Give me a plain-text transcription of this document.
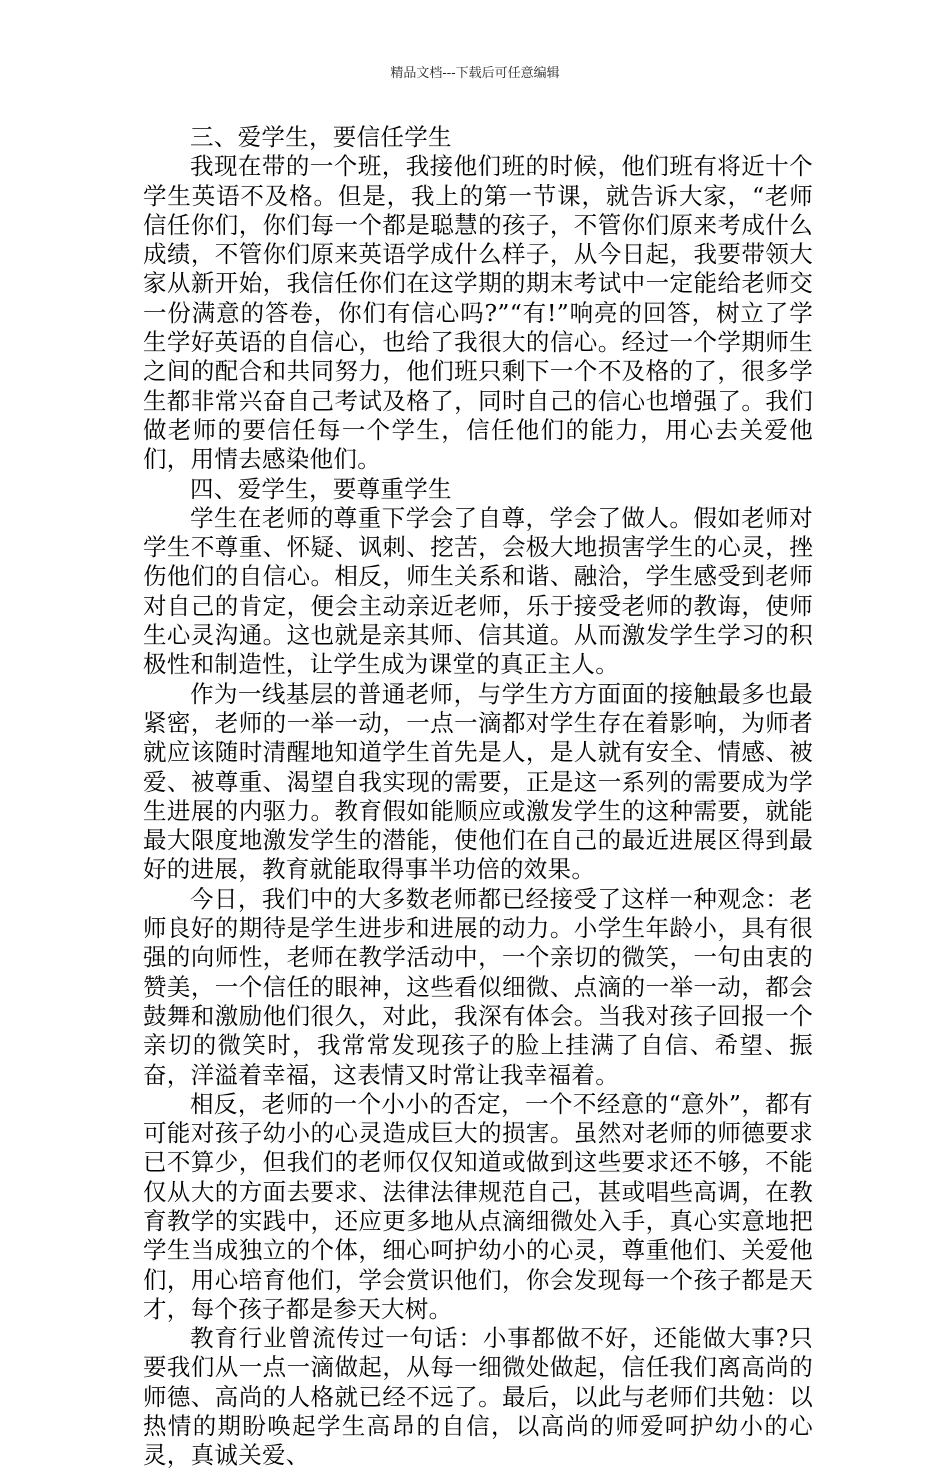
精品文档---下载后可任意编辑

三、爱学生，要信任学生

我现在带的一个班，我接他们班的时候，他们班有将近十个学生英语不及格。但是，我上的第一节课，就告诉大家，“老师信任你们，你们每一个都是聪慧的孩子，不管你们原来考成什么成绩，不管你们原来英语学成什么样子，从今日起，我要带领大家从新开始，我信任你们在这学期的期末考试中一定能给老师交一份满意的答卷，你们有信心吗?”“有!”响亮的回答，树立了学生学好英语的自信心，也给了我很大的信心。经过一个学期师生之间的配合和共同努力，他们班只剩下一个不及格的了，很多学生都非常兴奋自己考试及格了，同时自己的信心也增强了。我们做老师的要信任每一个学生，信任他们的能力，用心去关爱他们，用情去感染他们。

四、爱学生，要尊重学生

学生在老师的尊重下学会了自尊，学会了做人。假如老师对学生不尊重、怀疑、讽刺、挖苦，会极大地损害学生的心灵，挫伤他们的自信心。相反，师生关系和谐、融洽，学生感受到老师对自己的肯定，便会主动亲近老师，乐于接受老师的教诲，使师生心灵沟通。这也就是亲其师、信其道。从而激发学生学习的积极性和制造性，让学生成为课堂的真正主人。

作为一线基层的普通老师，与学生方方面面的接触最多也最紧密，老师的一举一动，一点一滴都对学生存在着影响，为师者就应该随时清醒地知道学生首先是人，是人就有安全、情感、被爱、被尊重、渴望自我实现的需要，正是这一系列的需要成为学生进展的内驱力。教育假如能顺应或激发学生的这种需要，就能最大限度地激发学生的潜能，使他们在自己的最近进展区得到最好的进展，教育就能取得事半功倍的效果。

今日，我们中的大多数老师都已经接受了这样一种观念：老师良好的期待是学生进步和进展的动力。小学生年龄小，具有很强的向师性，老师在教学活动中，一个亲切的微笑，一句由衷的赞美，一个信任的眼神，这些看似细微、点滴的一举一动，都会鼓舞和激励他们很久，对此，我深有体会。当我对孩子回报一个亲切的微笑时，我常常发现孩子的脸上挂满了自信、希望、振奋，洋溢着幸福，这表情又时常让我幸福着。

相反，老师的一个小小的否定，一个不经意的“意外”，都有可能对孩子幼小的心灵造成巨大的损害。虽然对老师的师德要求已不算少，但我们的老师仅仅知道或做到这些要求还不够，不能仅从大的方面去要求、法律法律规范自己，甚或唱些高调，在教育教学的实践中，还应更多地从点滴细微处入手，真心实意地把学生当成独立的个体，细心呵护幼小的心灵，尊重他们、关爱他们，用心培育他们，学会赏识他们，你会发现每一个孩子都是天才，每个孩子都是参天大树。

教育行业曾流传过一句话：小事都做不好，还能做大事?只要我们从一点一滴做起，从每一细微处做起，信任我们离高尚的师德、高尚的人格就已经不远了。最后，以此与老师们共勉：以热情的期盼唤起学生高昂的自信，以高尚的师爱呵护幼小的心灵，真诚关爱、
